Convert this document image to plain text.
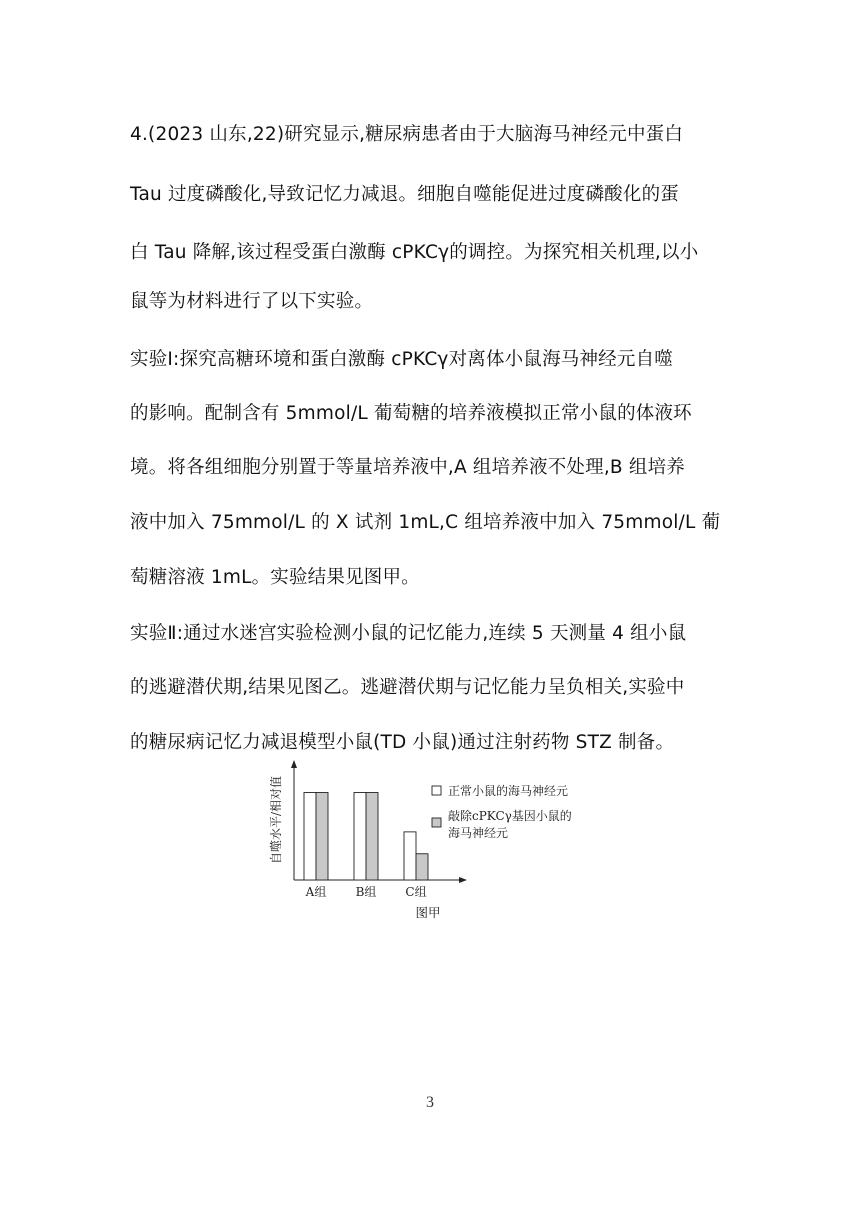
4.(2023 山东,22)研究显示,糖尿病患者由于大脑海马神经元中蛋白
Tau 过度磷酸化,导致记忆力减退。细胞自噬能促进过度磷酸化的蛋
白 Tau 降解,该过程受蛋白激酶 cPKCγ的调控。为探究相关机理,以小
鼠等为材料进行了以下实验。
实验Ⅰ:探究高糖环境和蛋白激酶 cPKCγ对离体小鼠海马神经元自噬
的影响。配制含有 5mmol/L 葡萄糖的培养液模拟正常小鼠的体液环
境。将各组细胞分别置于等量培养液中,A 组培养液不处理,B 组培养
液中加入 75mmol/L 的 X 试剂 1mL,C 组培养液中加入 75mmol/L 葡
萄糖溶液 1mL。实验结果见图甲。
实验Ⅱ:通过水迷宫实验检测小鼠的记忆能力,连续 5 天测量 4 组小鼠
的逃避潜伏期,结果见图乙。逃避潜伏期与记忆能力呈负相关,实验中
的糖尿病记忆力减退模型小鼠(TD 小鼠)通过注射药物 STZ 制备。
自噬水平/相对值
A组 B组 C组
图甲
正常小鼠的海马神经元
敲除cPKCγ基因小鼠的
海马神经元
3
